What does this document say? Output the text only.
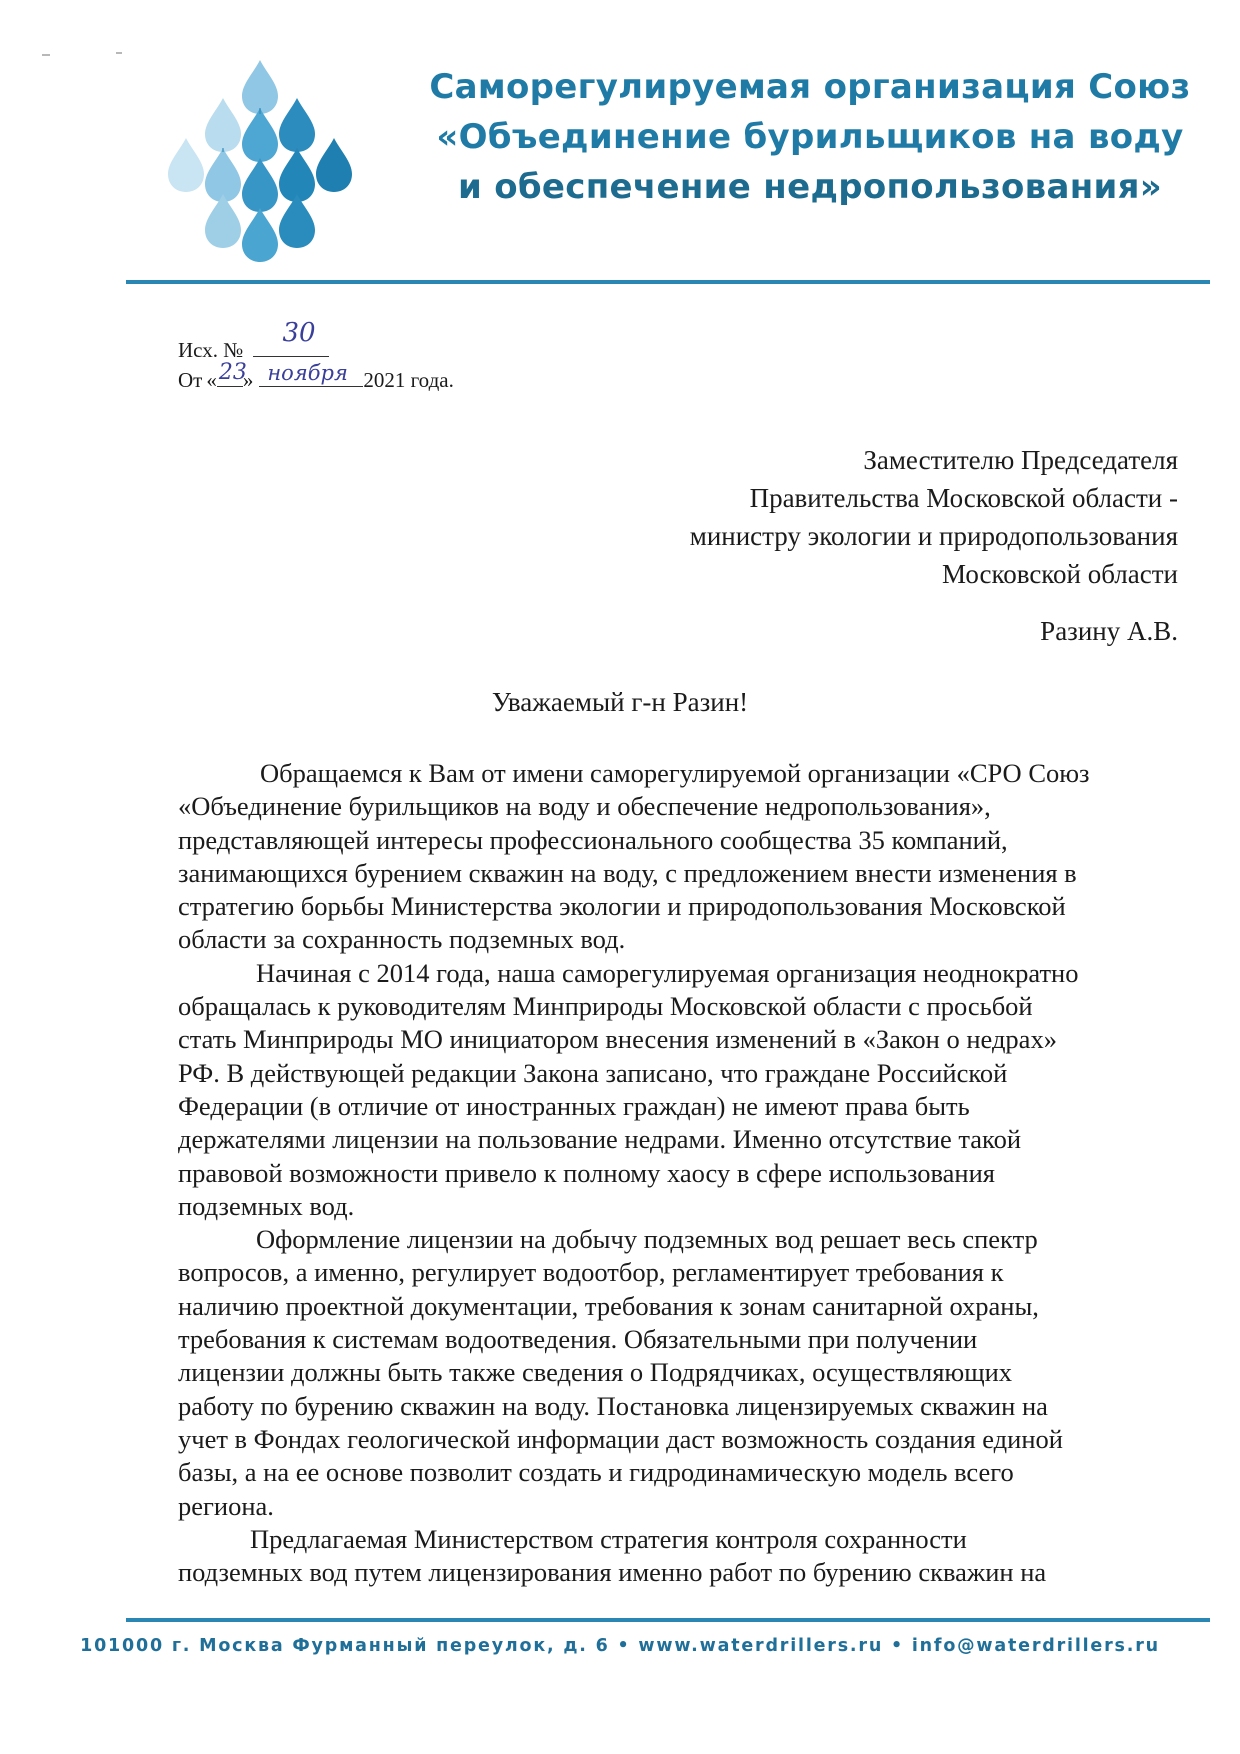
Саморегулируемая организация Союз
«Объединение бурильщиков на воду
и обеспечение недропользования»
Исх. №
30
От « 23
» ноября 2021 года.
Заместителю Председателя
Правительства Московской области -
министру экологии и природопользования
Московской области
Разину А.В.
Уважаемый г-н Разин!
Обращаемся к Вам от имени саморегулируемой организации «СРО Союз
«Объединение бурильщиков на воду и обеспечение недропользования»,
представляющей интересы профессионального сообщества 35 компаний,
занимающихся бурением скважин на воду, с предложением внести изменения в
стратегию борьбы Министерства экологии и природопользования Московской
области за сохранность подземных вод.
Начиная с 2014 года, наша саморегулируемая организация неоднократно
обращалась к руководителям Минприроды Московской области с просьбой
стать Минприроды МО инициатором внесения изменений в «Закон о недрах»
РФ. В действующей редакции Закона записано, что граждане Российской
Федерации (в отличие от иностранных граждан) не имеют права быть
держателями лицензии на пользование недрами. Именно отсутствие такой
правовой возможности привело к полному хаосу в сфере использования
подземных вод.
Оформление лицензии на добычу подземных вод решает весь спектр
вопросов, а именно, регулирует водоотбор, регламентирует требования к
наличию проектной документации, требования к зонам санитарной охраны,
требования к системам водоотведения. Обязательными при получении
лицензии должны быть также сведения о Подрядчиках, осуществляющих
работу по бурению скважин на воду. Постановка лицензируемых скважин на
учет в Фондах геологической информации даст возможность создания единой
базы, а на ее основе позволит создать и гидродинамическую модель всего
региона.
Предлагаемая Министерством стратегия контроля сохранности
подземных вод путем лицензирования именно работ по бурению скважин на
101000 г. Москва Фурманный переулок, д. 6 • www.waterdrillers.ru • info@waterdrillers.ru
